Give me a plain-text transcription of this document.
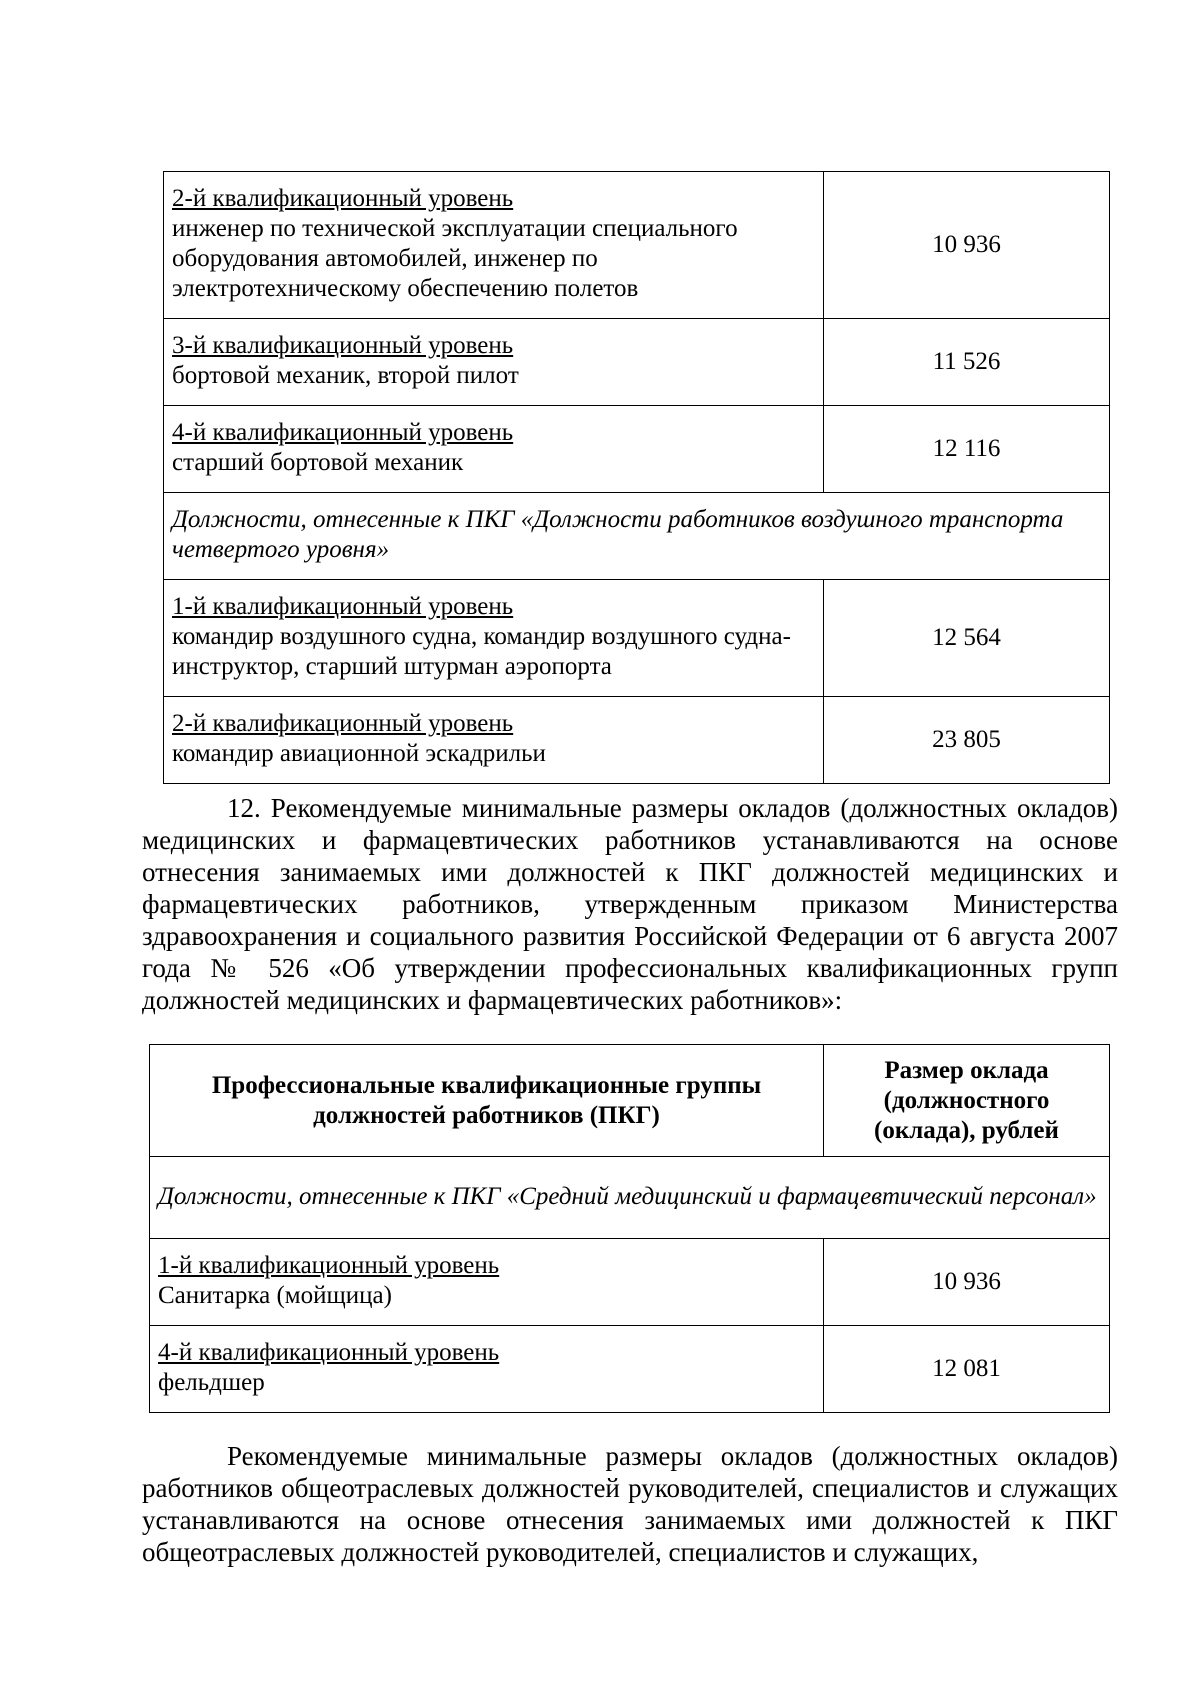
2-й квалификационный уровень
инженер по технической эксплуатации специального оборудования автомобилей, инженер по электротехническому обеспечению полетов	10 936

3-й квалификационный уровень
бортовой механик, второй пилот	11 526

4-й квалификационный уровень
старший бортовой механик	12 116
Должности, отнесенные к ПКГ «Должности работников воздушного транспорта четвертого уровня»	

1-й квалификационный уровень
командир воздушного судна, командир воздушного судна-инструктор, старший штурман аэропорта	12 564

2-й квалификационный уровень
командир авиационной эскадрильи	23 805

12. Рекомендуемые минимальные размеры окладов (должностных окладов) медицинских и фармацевтических работников устанавливаются на основе отнесения занимаемых ими должностей к ПКГ должностей медицинских и фармацевтических работников, утвержденным приказом Министерства здравоохранения и социального развития Российской Федерации от 6 августа 2007 года № 526 «Об утверждении профессиональных квалификационных групп должностей медицинских и фармацевтических работников»:

Профессиональные квалификационные группы должностей работников (ПКГ)	Размер оклада (должностного (оклада), рублей
Должности, отнесенные к ПКГ «Средний медицинский и фармацевтический персонал»	

1-й квалификационный уровень
Санитарка (мойщица)	10 936

4-й квалификационный уровень
фельдшер	12 081

Рекомендуемые минимальные размеры окладов (должностных окладов) работников общеотраслевых должностей руководителей, специалистов и служащих устанавливаются на основе отнесения занимаемых ими должностей к ПКГ общеотраслевых должностей руководителей, специалистов и служащих,
